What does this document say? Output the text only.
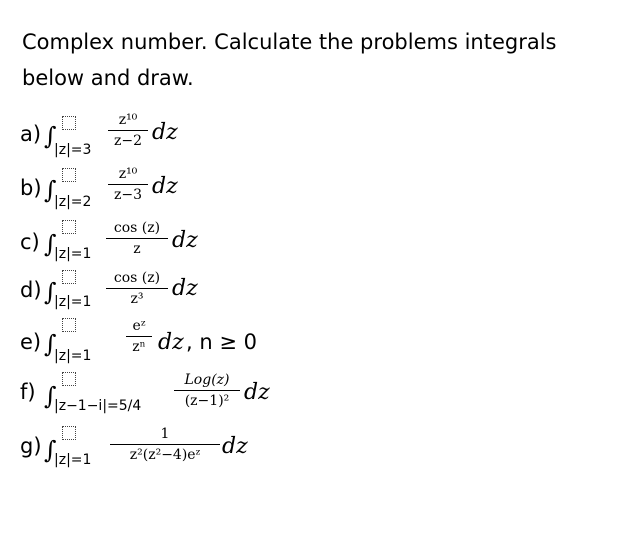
Complex number. Calculate the problems integrals
below and draw.
a) ∫
|z|=3
z¹⁰
z−2 dz
b) ∫
|z|=2
z¹⁰
z−3 dz
c) ∫
|z|=1
cos (z)
z	dz
d) ∫
|z|=1
cos (z)
z³	dz
e) ∫
|z|=1
eᶻ
zⁿ dz , n ≥ 0
f) ∫
|z−1−i|=5/4
Log(z)
(z−1)² dz
g) ∫
|z|=1
1
z²(z²−4)eᶻ dz
